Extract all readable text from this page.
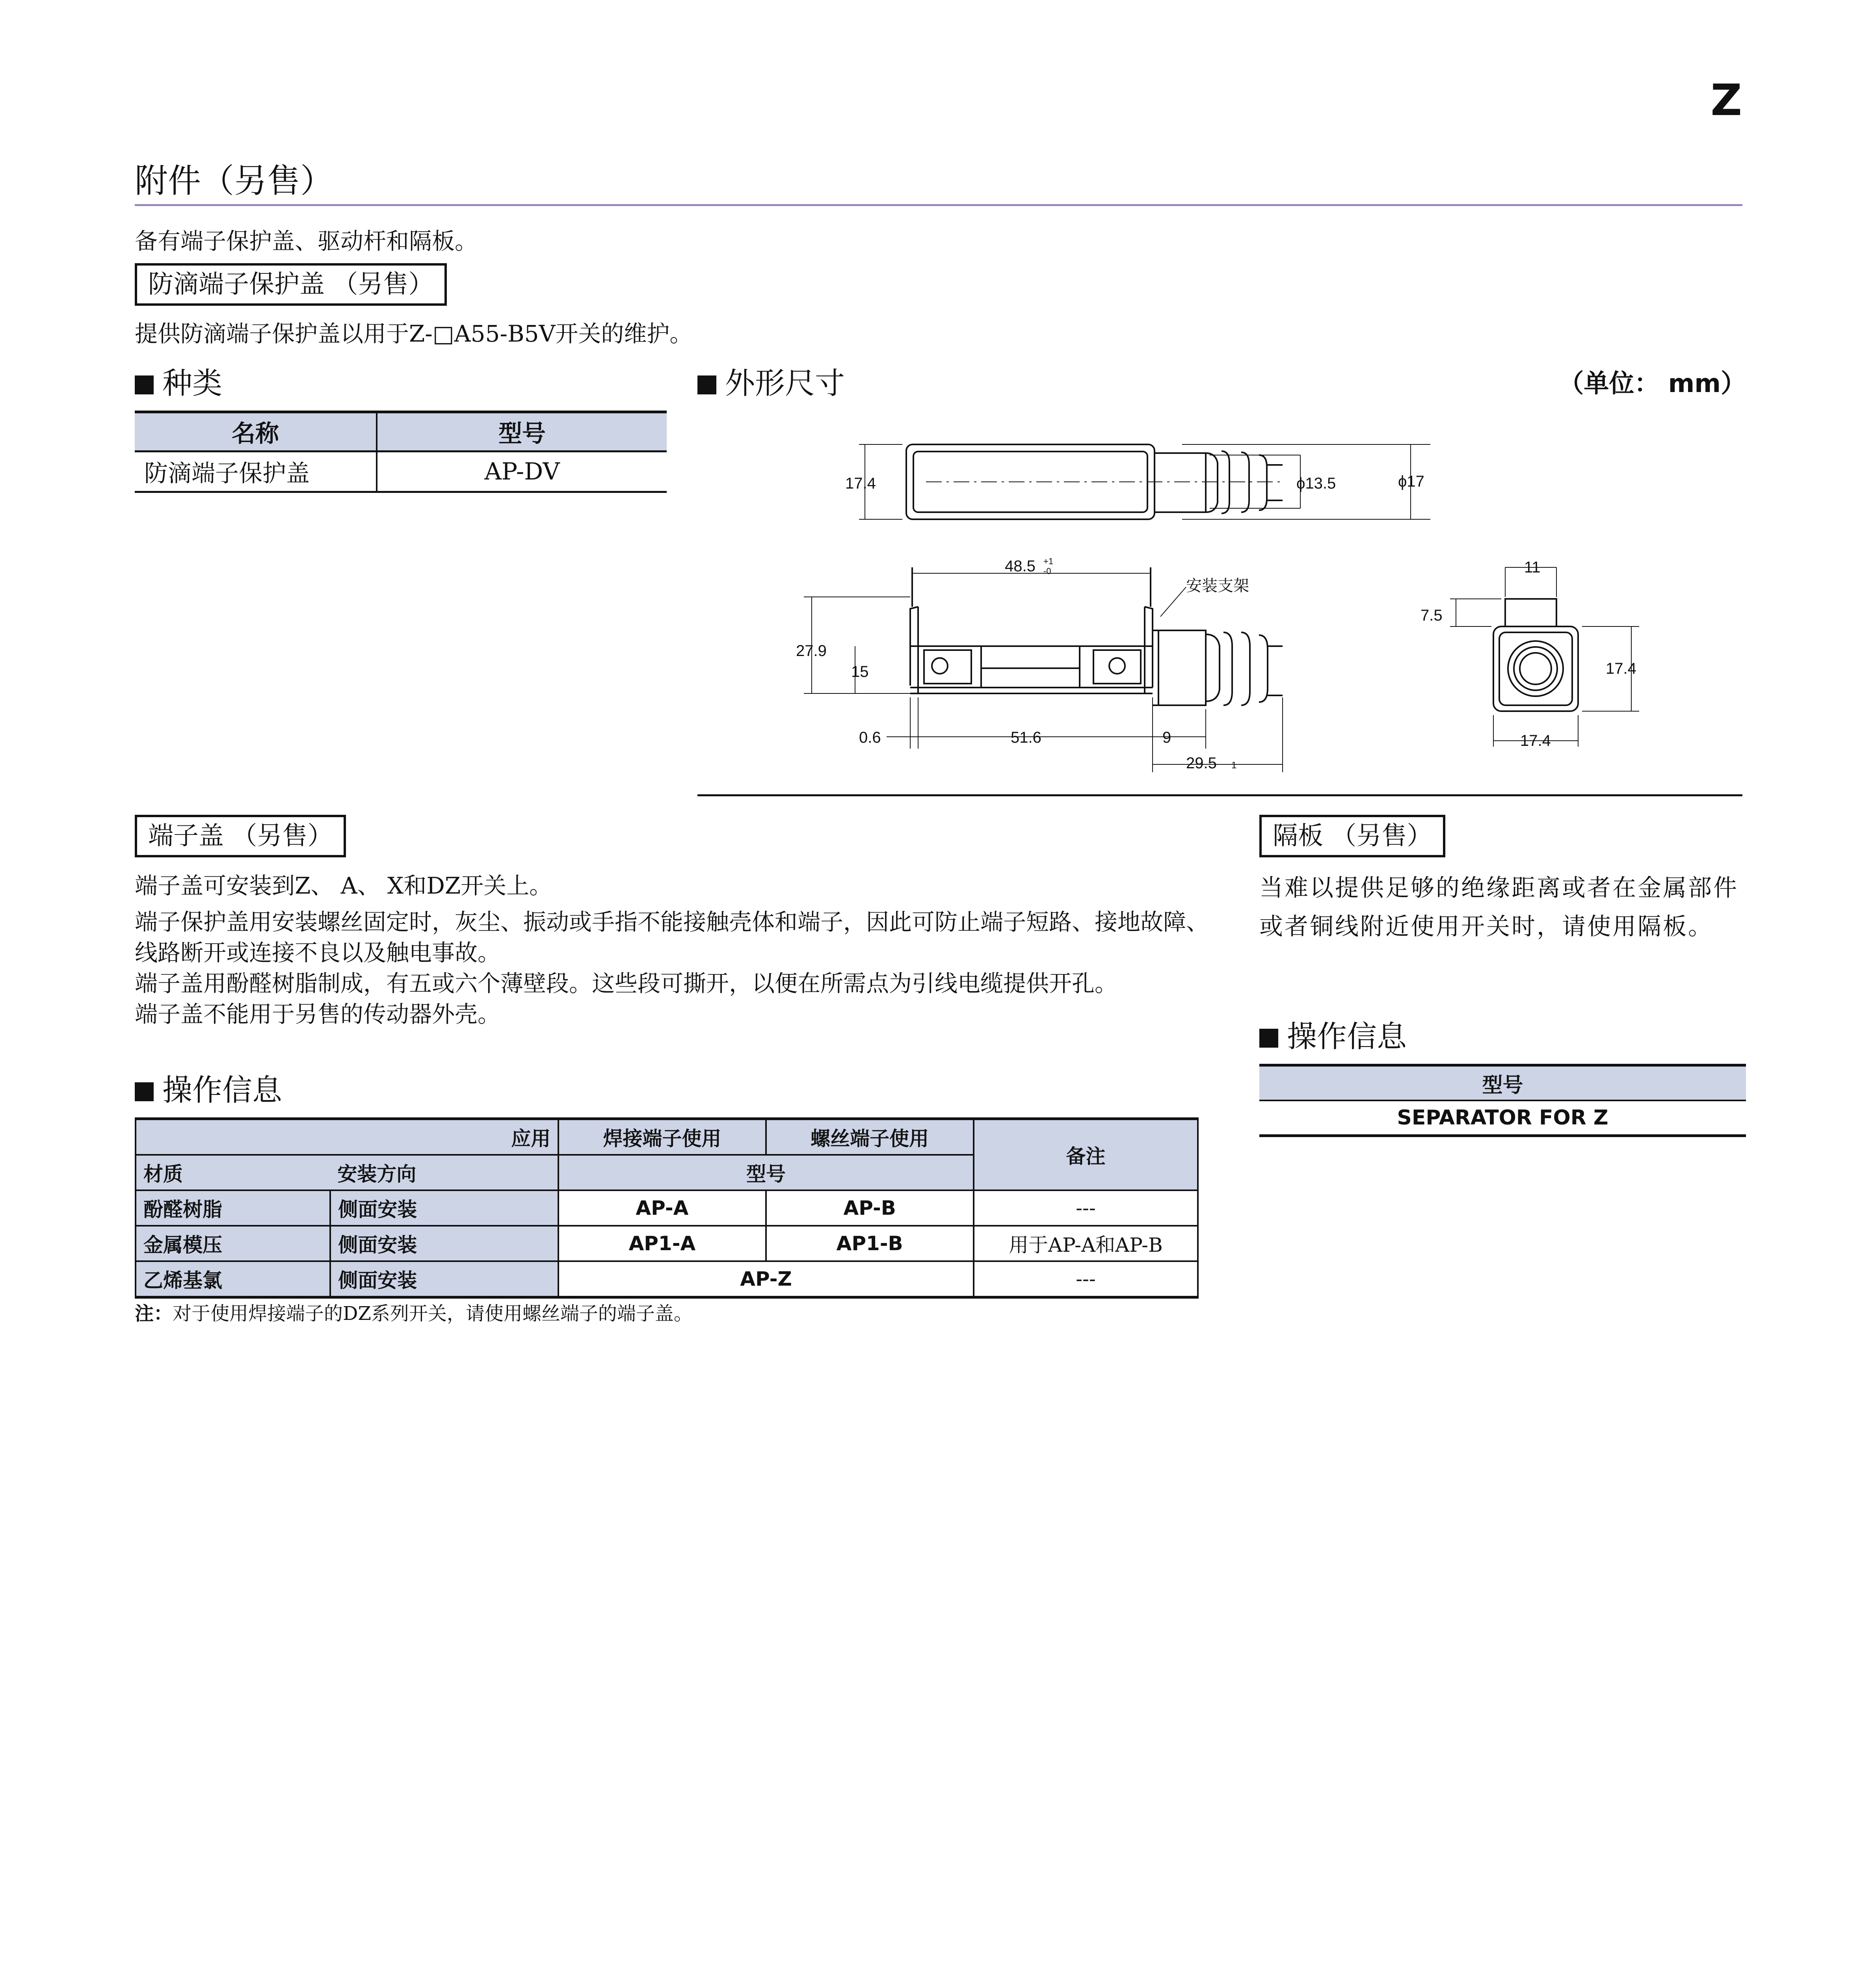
Z
附件（另售）
备有端子保护盖、驱动杆和隔板。
防滴端子保护盖 （另售）
提供防滴端子保护盖以用于Z-□A55-B5V开关的维护。
种类
名称	型号
防滴端子保护盖	AP-DV
外形尺寸	（单位： mm）
17.4	ϕ13.5	ϕ17
48.5 +1
-0
安装支架
27.9
15
0.6	51.6	9
29.5 1
11
7.5
17.4
17.4
端子盖 （另售）
端子盖可安装到Z、 A、 X和DZ开关上。
端子保护盖用安装螺丝固定时，灰尘、振动或手指不能接触壳体和端子，因此可防止端子短路、接地故障、线路断开或连接不良以及触电事故。
端子盖用酚醛树脂制成，有五或六个薄壁段。这些段可撕开，以便在所需点为引线电缆提供开孔。
端子盖不能用于另售的传动器外壳。
操作信息
应用		焊接端子使用	螺丝端子使用	备注
材质	安装方向	型号		
酚醛树脂	侧面安装	AP-A	AP-B	---
金属模压	侧面安装	AP1-A	AP1-B	用于AP-A和AP-B
乙烯基氯	侧面安装	AP-Z		---
注：对于使用焊接端子的DZ系列开关，请使用螺丝端子的端子盖。
隔板 （另售）
当难以提供足够的绝缘距离或者在金属部件或者铜线附近使用开关时，请使用隔板。
操作信息
型号
SEPARATOR FOR Z
